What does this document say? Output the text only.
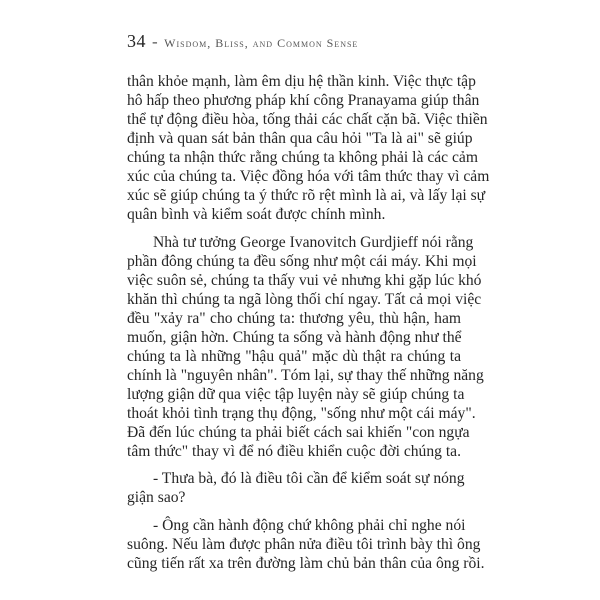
34 - Wisdom, Bliss, and Common Sense
thân khỏe mạnh, làm êm dịu hệ thần kinh. Việc thực tập
hô hấp theo phương pháp khí công Pranayama giúp thân
thể tự động điều hòa, tống thải các chất cặn bã. Việc thiền
định và quan sát bản thân qua câu hỏi "Ta là ai" sẽ giúp
chúng ta nhận thức rằng chúng ta không phải là các cảm
xúc của chúng ta. Việc đồng hóa với tâm thức thay vì cảm
xúc sẽ giúp chúng ta ý thức rõ rệt mình là ai, và lấy lại sự
quân bình và kiểm soát được chính mình.
Nhà tư tưởng George Ivanovitch Gurdjieff nói rằng
phần đông chúng ta đều sống như một cái máy. Khi mọi
việc suôn sẻ, chúng ta thấy vui vẻ nhưng khi gặp lúc khó
khăn thì chúng ta ngã lòng thối chí ngay. Tất cả mọi việc
đều "xảy ra" cho chúng ta: thương yêu, thù hận, ham
muốn, giận hờn. Chúng ta sống và hành động như thể
chúng ta là những "hậu quả" mặc dù thật ra chúng ta
chính là "nguyên nhân". Tóm lại, sự thay thế những năng
lượng giận dữ qua việc tập luyện này sẽ giúp chúng ta
thoát khỏi tình trạng thụ động, "sống như một cái máy".
Đã đến lúc chúng ta phải biết cách sai khiến "con ngựa
tâm thức" thay vì để nó điều khiển cuộc đời chúng ta.
- Thưa bà, đó là điều tôi cần để kiểm soát sự nóng
giận sao?
- Ông cần hành động chứ không phải chỉ nghe nói
suông. Nếu làm được phân nửa điều tôi trình bày thì ông
cũng tiến rất xa trên đường làm chủ bản thân của ông rồi.
